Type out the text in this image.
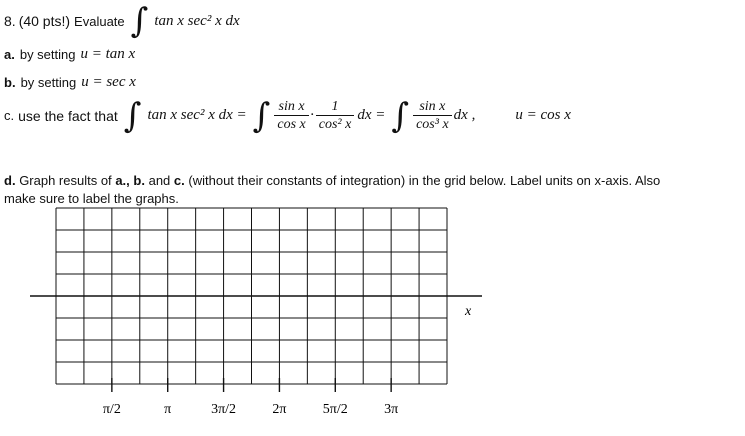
8. (40 pts!) Evaluate ∫ tan x sec² x dx
a. by setting u = tan x
b. by setting u = sec x
c. use the fact that ∫ tan x sec² x dx = ∫ $\frac{\text{sin x}}{\text{cos x}} \cdot \frac{1}{\text{cos² x}}$ dx = ∫ $\frac{\text{sin x}}{\text{cos³ x}}$ dx ,	u = cos x
d. Graph results of a., b. and c. (without their constants of integration) in the grid below. Label units on x-axis. Also
make sure to label the graphs.
x
π/2	π	3π/2	2π	5π/2	3π
